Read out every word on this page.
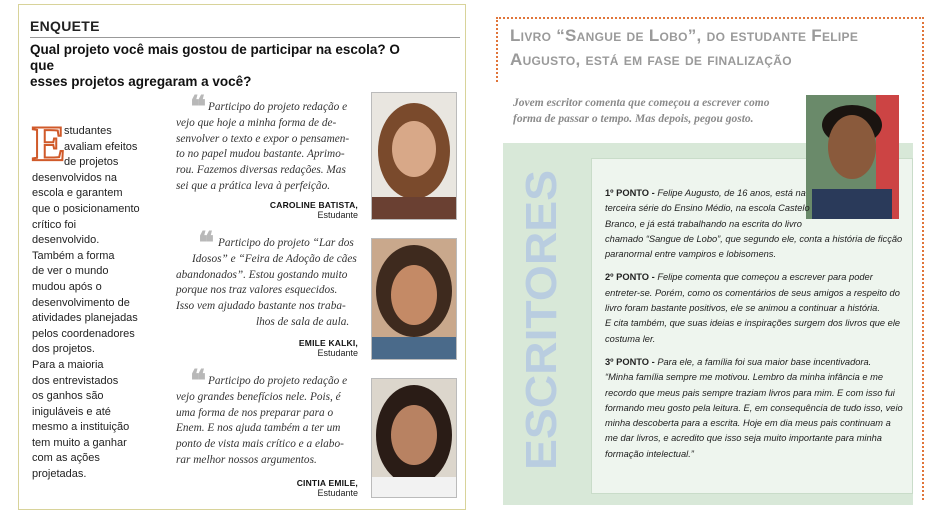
ENQUETE
Qual projeto você mais gostou de participar na escola? O que
esses projetos agregaram a você?
E
studantes
avaliam efeitos
de projetos
desenvolvidos na
escola e garantem
que o posicionamento
crítico foi
desenvolvido.
Também a forma
de ver o mundo
mudou após o
desenvolvimento de
atividades planejadas
pelos coordenadores
dos projetos.
Para a maioria
dos entrevistados
os ganhos são
iniguláveis e até
mesmo a instituição
tem muito a ganhar
com as ações
projetadas.
❝ Participo do projeto redação e
vejo que hoje a minha forma de de-
senvolver o texto e expor o pensamen-
to no papel mudou bastante. Aprimo-
rou. Fazemos diversas redações. Mas
sei que a prática leva à perfeição.
CAROLINE BATISTA,
Estudante
❝ Participo do projeto “Lar dos
Idosos” e “Feira de Adoção de cães
abandonados”. Estou gostando muito
porque nos traz valores esquecidos.
Isso vem ajudado bastante nos traba-
lhos de sala de aula.
EMILE KALKI,
Estudante
❝ Participo do projeto redação e
vejo grandes benefícios nele. Pois, é
uma forma de nos preparar para o
Enem. E nos ajuda também a ter um
ponto de vista mais crítico e a elabo-
rar melhor nossos argumentos.
CINTIA EMILE,
Estudante
Livro “Sangue de Lobo”, do estudante Felipe
Augusto, está em fase de finalização
Jovem escritor comenta que começou a escrever como
forma de passar o tempo. Mas depois, pegou gosto.
ESCRITORES	1º PONTO - Felipe Augusto, de 16 anos, está na
terceira série do Ensino Médio, na escola Castelo
Branco, e já está trabalhando na escrita do livro
chamado “Sangue de Lobo”, que segundo ele, conta a história de ficção
paranormal entre vampiros e lobisomens.
2º PONTO - Felipe comenta que começou a escrever para poder
entreter-se. Porém, como os comentários de seus amigos a respeito do
livro foram bastante positivos, ele se animou a continuar a história.
E cita também, que suas ideias e inspirações surgem dos livros que ele
costuma ler.
3º PONTO - Para ele, a família foi sua maior base incentivadora.
“Minha família sempre me motivou. Lembro da minha infância e me
recordo que meus pais sempre traziam livros para mim. E com isso fui
formando meu gosto pela leitura. E, em consequência de tudo isso, veio
minha descoberta para a escrita. Hoje em dia meus pais continuam a
me dar livros, e acredito que isso seja muito importante para minha
formação intelectual.”
